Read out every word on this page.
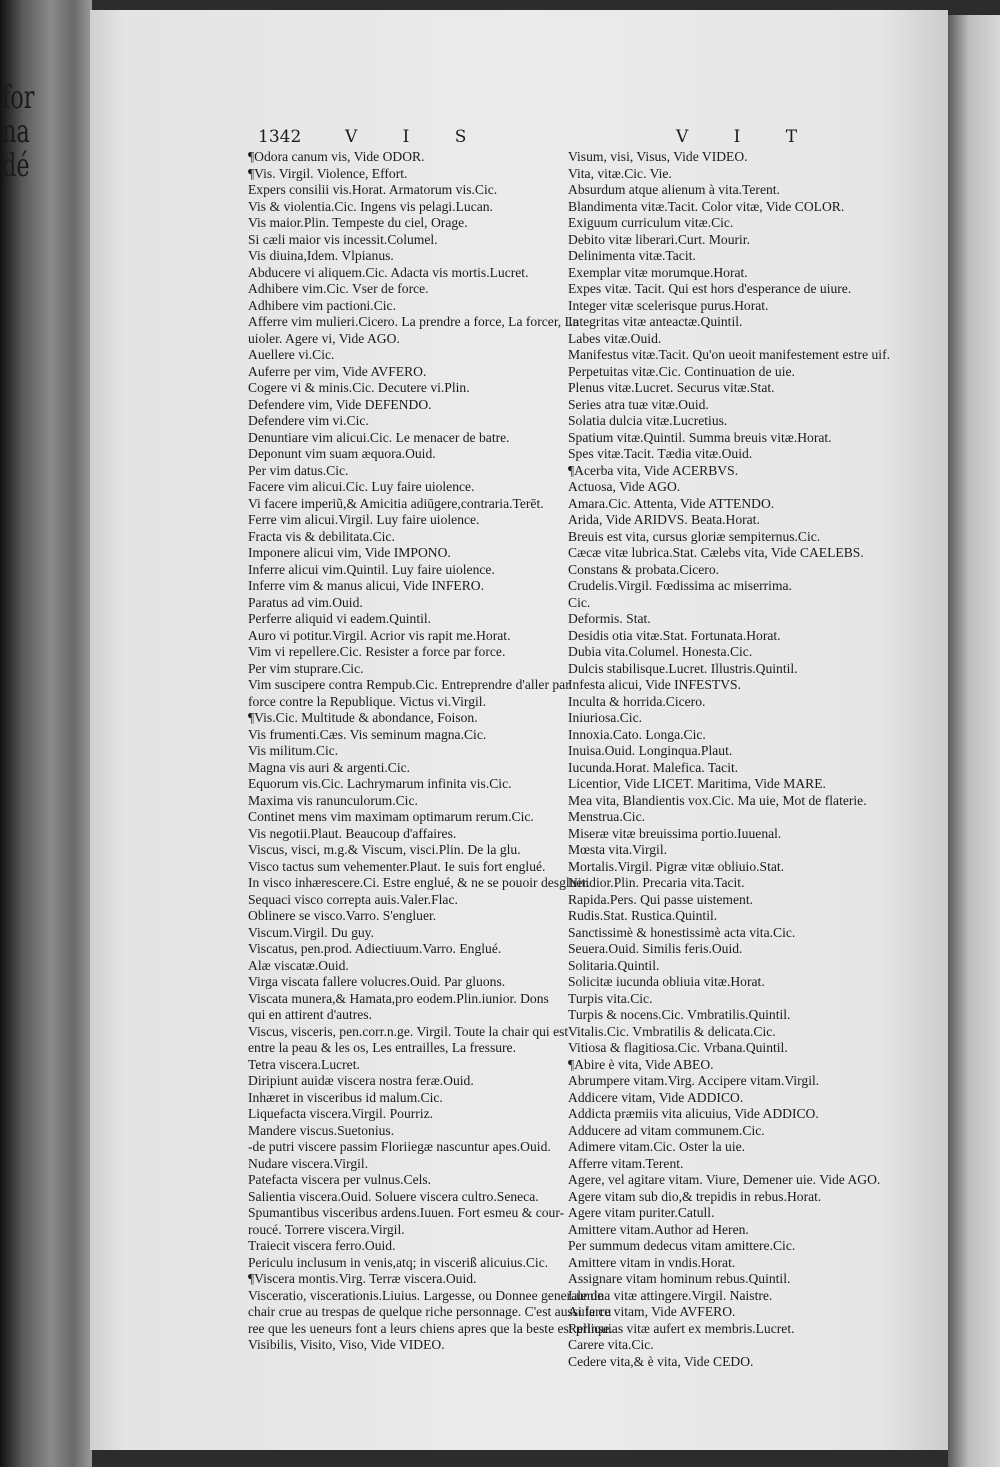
for
na
dé
1342	V I S	V I T
¶Odora canum vis, Vide ODOR.
¶Vis. Virgil. Violence, Effort.
Expers consilii vis.Horat. Armatorum vis.Cic.
Vis & violentia.Cic. Ingens vis pelagi.Lucan.
Vis maior.Plin. Tempeste du ciel, Orage.
Si cæli maior vis incessit.Columel.
Vis diuina,Idem. Vlpianus.
Abducere vi aliquem.Cic. Adacta vis mortis.Lucret.
Adhibere vim.Cic. Vser de force.
Adhibere vim pactioni.Cic.
Afferre vim mulieri.Cicero. La prendre a force, La forcer, La
uioler. Agere vi, Vide AGO.
Auellere vi.Cic.
Auferre per vim, Vide AVFERO.
Cogere vi & minis.Cic. Decutere vi.Plin.
Defendere vim, Vide DEFENDO.
Defendere vim vi.Cic.
Denuntiare vim alicui.Cic. Le menacer de batre.
Deponunt vim suam æquora.Ouid.
Per vim datus.Cic.
Facere vim alicui.Cic. Luy faire uiolence.
Vi facere imperiũ,& Amicitia adiūgere,contraria.Terēt.
Ferre vim alicui.Virgil. Luy faire uiolence.
Fracta vis & debilitata.Cic.
Imponere alicui vim, Vide IMPONO.
Inferre alicui vim.Quintil. Luy faire uiolence.
Inferre vim & manus alicui, Vide INFERO.
Paratus ad vim.Ouid.
Perferre aliquid vi eadem.Quintil.
Auro vi potitur.Virgil. Acrior vis rapit me.Horat.
Vim vi repellere.Cic. Resister a force par force.
Per vim stuprare.Cic.
Vim suscipere contra Rempub.Cic. Entreprendre d'aller par
force contre la Republique. Victus vi.Virgil.
¶Vis.Cic. Multitude & abondance, Foison.
Vis frumenti.Cæs. Vis seminum magna.Cic.
Vis militum.Cic.
Magna vis auri & argenti.Cic.
Equorum vis.Cic. Lachrymarum infinita vis.Cic.
Maxima vis ranunculorum.Cic.
Continet mens vim maximam optimarum rerum.Cic.
Vis negotii.Plaut. Beaucoup d'affaires.
Viscus, visci, m.g.& Viscum, visci.Plin. De la glu.
Visco tactus sum vehementer.Plaut. Ie suis fort englué.
In visco inhærescere.Ci. Estre englué, & ne se pouoir desgluer.
Sequaci visco correpta auis.Valer.Flac.
Oblinere se visco.Varro. S'engluer.
Viscum.Virgil. Du guy.
Viscatus, pen.prod. Adiectiuum.Varro. Englué.
Alæ viscatæ.Ouid.
Virga viscata fallere volucres.Ouid. Par gluons.
Viscata munera,& Hamata,pro eodem.Plin.iunior. Dons
qui en attirent d'autres.
Viscus, visceris, pen.corr.n.ge. Virgil. Toute la chair qui est
entre la peau & les os, Les entrailles, La fressure.
Tetra viscera.Lucret.
Diripiunt auidæ viscera nostra feræ.Ouid.
Inhæret in visceribus id malum.Cic.
Liquefacta viscera.Virgil. Pourriz.
Mandere viscus.Suetonius.
-de putri viscere passim Floriiegæ nascuntur apes.Ouid.
Nudare viscera.Virgil.
Patefacta viscera per vulnus.Cels.
Salientia viscera.Ouid. Soluere viscera cultro.Seneca.
Spumantibus visceribus ardens.Iuuen. Fort esmeu & cour-
roucé. Torrere viscera.Virgil.
Traiecit viscera ferro.Ouid.
Periculu inclusum in venis,atq; in visceriß alicuius.Cic.
¶Viscera montis.Virg. Terræ viscera.Ouid.
Visceratio, viscerationis.Liuius. Largesse, ou Donnee generale de
chair crue au trespas de quelque riche personnage. C'est aussi la cu
ree que les ueneurs font a leurs chiens apres que la beste est prinse.
Visibilis, Visito, Viso, Vide VIDEO.
Visum, visi, Visus, Vide VIDEO.
Vita, vitæ.Cic. Vie.
Absurdum atque alienum à vita.Terent.
Blandimenta vitæ.Tacit. Color vitæ, Vide COLOR.
Exiguum curriculum vitæ.Cic.
Debito vitæ liberari.Curt. Mourir.
Delinimenta vitæ.Tacit.
Exemplar vitæ morumque.Horat.
Expes vitæ. Tacit. Qui est hors d'esperance de uiure.
Integer vitæ scelerisque purus.Horat.
Integritas vitæ anteactæ.Quintil.
Labes vitæ.Ouid.
Manifestus vitæ.Tacit. Qu'on ueoit manifestement estre uif.
Perpetuitas vitæ.Cic. Continuation de uie.
Plenus vitæ.Lucret. Securus vitæ.Stat.
Series atra tuæ vitæ.Ouid.
Solatia dulcia vitæ.Lucretius.
Spatium vitæ.Quintil. Summa breuis vitæ.Horat.
Spes vitæ.Tacit. Tædia vitæ.Ouid.
¶Acerba vita, Vide ACERBVS.
Actuosa, Vide AGO.
Amara.Cic. Attenta, Vide ATTENDO.
Arida, Vide ARIDVS. Beata.Horat.
Breuis est vita, cursus gloriæ sempiternus.Cic.
Cæcæ vitæ lubrica.Stat. Cælebs vita, Vide CAELEBS.
Constans & probata.Cicero.
Crudelis.Virgil. Fœdissima ac miserrima.
Cic.
Deformis. Stat.
Desidis otia vitæ.Stat. Fortunata.Horat.
Dubia vita.Columel. Honesta.Cic.
Dulcis stabilisque.Lucret. Illustris.Quintil.
Infesta alicui, Vide INFESTVS.
Inculta & horrida.Cicero.
Iniuriosa.Cic.
Innoxia.Cato. Longa.Cic.
Inuisa.Ouid. Longinqua.Plaut.
Iucunda.Horat. Malefica. Tacit.
Licentior, Vide LICET. Maritima, Vide MARE.
Mea vita, Blandientis vox.Cic. Ma uie, Mot de flaterie.
Menstrua.Cic.
Miseræ vitæ breuissima portio.Iuuenal.
Mœsta vita.Virgil.
Mortalis.Virgil. Pigræ vitæ obliuio.Stat.
Nitidior.Plin. Precaria vita.Tacit.
Rapida.Pers. Qui passe uistement.
Rudis.Stat. Rustica.Quintil.
Sanctissimè & honestissimè acta vita.Cic.
Seuera.Ouid. Similis feris.Ouid.
Solitaria.Quintil.
Solicitæ iucunda obliuia vitæ.Horat.
Turpis vita.Cic.
Turpis & nocens.Cic. Vmbratilis.Quintil.
Vitalis.Cic. Vmbratilis & delicata.Cic.
Vitiosa & flagitiosa.Cic. Vrbana.Quintil.
¶Abire è vita, Vide ABEO.
Abrumpere vitam.Virg. Accipere vitam.Virgil.
Addicere vitam, Vide ADDICO.
Addicta præmiis vita alicuius, Vide ADDICO.
Adducere ad vitam communem.Cic.
Adimere vitam.Cic. Oster la uie.
Afferre vitam.Terent.
Agere, vel agitare vitam. Viure, Demener uie. Vide AGO.
Agere vitam sub dio,& trepidis in rebus.Horat.
Agere vitam puriter.Catull.
Amittere vitam.Author ad Heren.
Per summum dedecus vitam amittere.Cic.
Amittere vitam in vndis.Horat.
Assignare vitam hominum rebus.Quintil.
Lumina vitæ attingere.Virgil. Naistre.
Auferre vitam, Vide AVFERO.
Relliquias vitæ aufert ex membris.Lucret.
Carere vita.Cic.
Cedere vita,& è vita, Vide CEDO.
